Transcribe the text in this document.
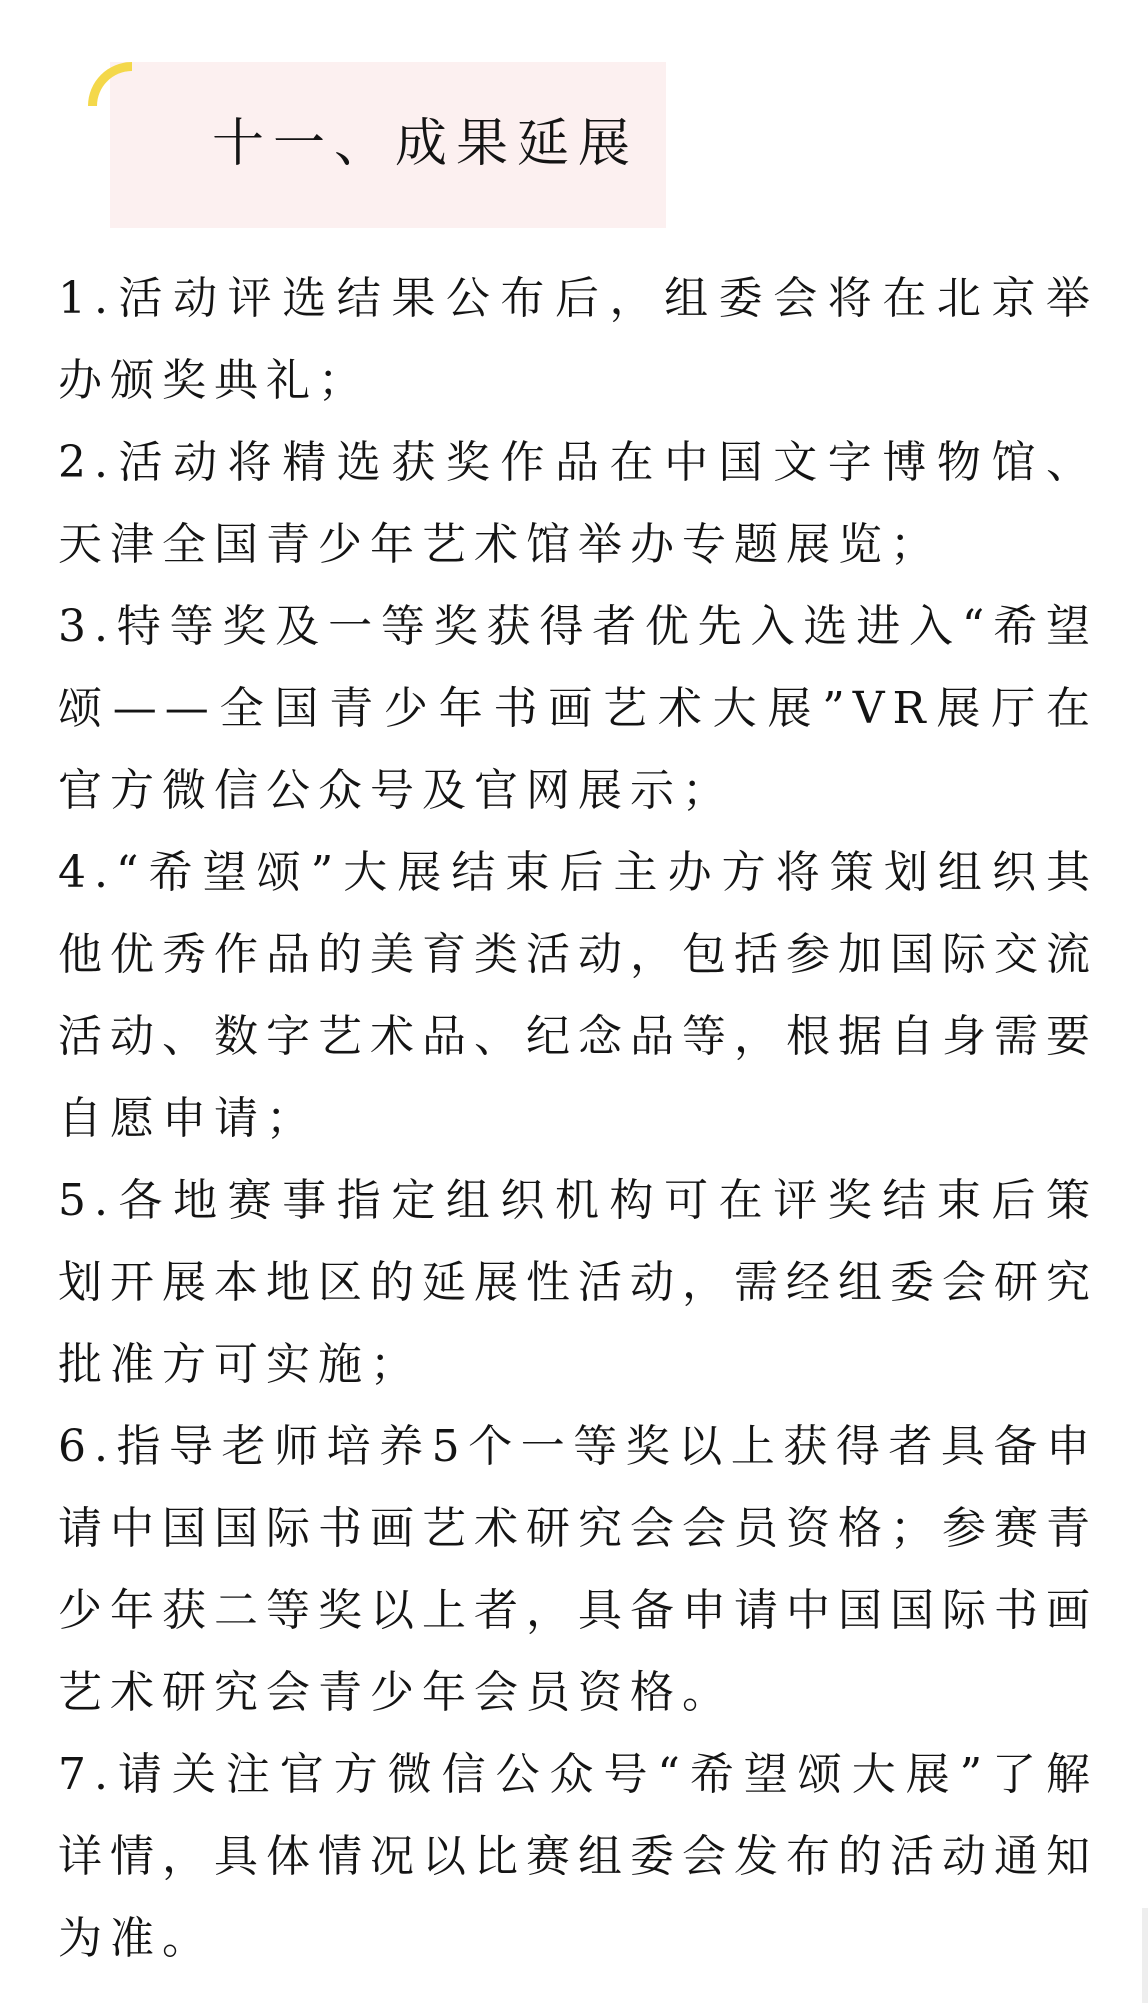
十一、成果延展

1.活动评选结果公布后，组委会将在北京举办颁奖典礼；

2.活动将精选获奖作品在中国文字博物馆、天津全国青少年艺术馆举办专题展览；

3.特等奖及一等奖获得者优先入选进入“希望颂——全国青少年书画艺术大展”VR展厅在官方微信公众号及官网展示；

4.“希望颂”大展结束后主办方将策划组织其他优秀作品的美育类活动，包括参加国际交流活动、数字艺术品、纪念品等，根据自身需要自愿申请；

5.各地赛事指定组织机构可在评奖结束后策划开展本地区的延展性活动，需经组委会研究批准方可实施；

6.指导老师培养5个一等奖以上获得者具备申请中国国际书画艺术研究会会员资格；参赛青少年获二等奖以上者，具备申请中国国际书画艺术研究会青少年会员资格。

7.请关注官方微信公众号“希望颂大展”了解详情，具体情况以比赛组委会发布的活动通知为准。
